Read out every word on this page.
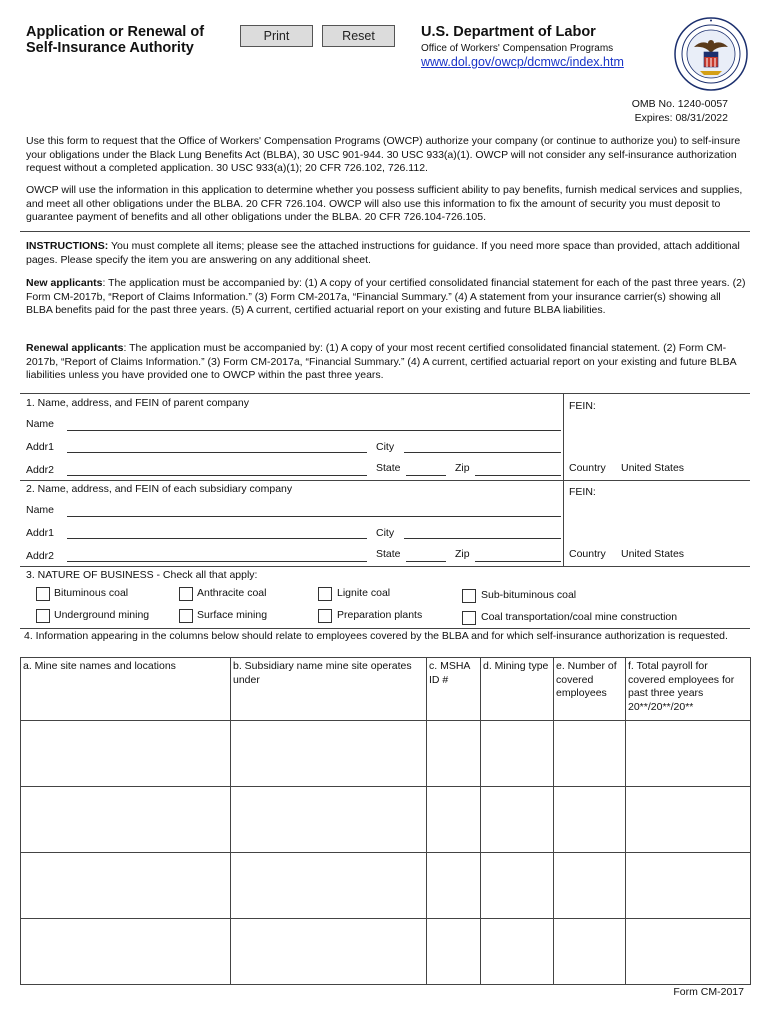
Application or Renewal of
Self-Insurance Authority
Print	Reset	U.S. Department of Labor
Office of Workers' Compensation Programs
www.dol.gov/owcp/dcmwc/index.htm
OMB No. 1240-0057
Expires: 08/31/2022
Use this form to request that the Office of Workers' Compensation Programs (OWCP) authorize your company (or continue to authorize you) to self-insure your obligations under the Black Lung Benefits Act (BLBA), 30 USC 901-944. 30 USC 933(a)(1). OWCP will not consider any self-insurance authorization request without a completed application. 30 USC 933(a)(1); 20 CFR 726.102, 726.112.
OWCP will use the information in this application to determine whether you possess sufficient ability to pay benefits, furnish medical services and supplies, and meet all other obligations under the BLBA. 20 CFR 726.104. OWCP will also use this information to fix the amount of security you must deposit to guarantee payment of benefits and all other obligations under the BLBA. 20 CFR 726.104-726.105.
INSTRUCTIONS: You must complete all items; please see the attached instructions for guidance. If you need more space than provided, attach additional pages. Please specify the item you are answering on any additional sheet.
New applicants: The application must be accompanied by: (1) A copy of your certified consolidated financial statement for each of the past three years. (2) Form CM-2017b, “Report of Claims Information.” (3) Form CM-2017a, “Financial Summary.” (4) A statement from your insurance carrier(s) showing all BLBA benefits paid for the past three years. (5) A current, certified actuarial report on your existing and future BLBA liabilities.
Renewal applicants: The application must be accompanied by: (1) A copy of your most recent certified consolidated financial statement. (2) Form CM-2017b, “Report of Claims Information.” (3) Form CM-2017a, “Financial Summary.” (4) A current, certified actuarial report on your existing and future BLBA liabilities unless you have provided one to OWCP within the past three years.
1. Name, address, and FEIN of parent company	FEIN:
Name
Addr1	City
Addr2	State	Zip	Country United States
2. Name, address, and FEIN of each subsidiary company	FEIN:
Name
Addr1	City
Addr2	State	Zip	Country United States
3. NATURE OF BUSINESS - Check all that apply:
Bituminous coal	Anthracite coal	Lignite coal	Sub-bituminous coal
Underground mining	Surface mining	Preparation plants	Coal transportation/coal mine construction
4. Information appearing in the columns below should relate to employees covered by the BLBA and for which self-insurance authorization is requested.
a. Mine site names and locations	b. Subsidiary name mine site operates under	c. MSHA ID #	d. Mining type	e. Number of covered employees	f. Total payroll for covered employees for past three years 20**/20**/20**

Form CM-2017
